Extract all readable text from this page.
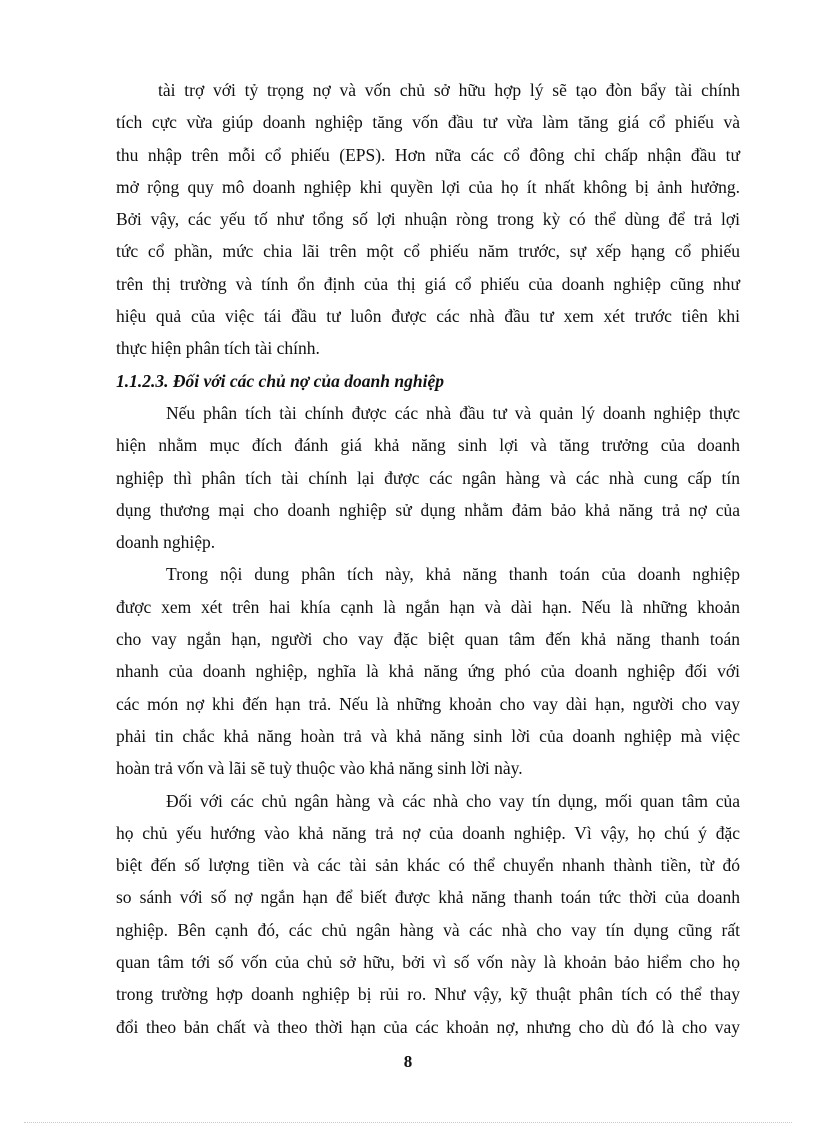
tài trợ với tỷ trọng nợ và vốn chủ sở hữu hợp lý sẽ tạo đòn bẩy tài chính
tích cực vừa giúp doanh nghiệp tăng vốn đầu tư vừa làm tăng giá cổ phiếu và
thu nhập trên mỗi cổ phiếu (EPS). Hơn nữa các cổ đông chỉ chấp nhận đầu tư
mở rộng quy mô doanh nghiệp khi quyền lợi của họ ít nhất không bị ảnh hưởng.
Bởi vậy, các yếu tố như tổng số lợi nhuận ròng trong kỳ có thể dùng để trả lợi
tức cổ phần, mức chia lãi trên một cổ phiếu năm trước, sự xếp hạng cổ phiếu
trên thị trường và tính ổn định của thị giá cổ phiếu của doanh nghiệp cũng như
hiệu quả của việc tái đầu tư luôn được các nhà đầu tư xem xét trước tiên khi
thực hiện phân tích tài chính.
1.1.2.3. Đối với các chủ nợ của doanh nghiệp
Nếu phân tích tài chính được các nhà đầu tư và quản lý doanh nghiệp thực
hiện nhằm mục đích đánh giá khả năng sinh lợi và tăng trưởng của doanh
nghiệp thì phân tích tài chính lại được các ngân hàng và các nhà cung cấp tín
dụng thương mại cho doanh nghiệp sử dụng nhằm đảm bảo khả năng trả nợ của
doanh nghiệp.
Trong nội dung phân tích này, khả năng thanh toán của doanh nghiệp
được xem xét trên hai khía cạnh là ngắn hạn và dài hạn. Nếu là những khoản
cho vay ngắn hạn, người cho vay đặc biệt quan tâm đến khả năng thanh toán
nhanh của doanh nghiệp, nghĩa là khả năng ứng phó của doanh nghiệp đối với
các món nợ khi đến hạn trả. Nếu là những khoản cho vay dài hạn, người cho vay
phải tin chắc khả năng hoàn trả và khả năng sinh lời của doanh nghiệp mà việc
hoàn trả vốn và lãi sẽ tuỳ thuộc vào khả năng sinh lời này.
Đối với các chủ ngân hàng và các nhà cho vay tín dụng, mối quan tâm của
họ chủ yếu hướng vào khả năng trả nợ của doanh nghiệp. Vì vậy, họ chú ý đặc
biệt đến số lượng tiền và các tài sản khác có thể chuyển nhanh thành tiền, từ đó
so sánh với số nợ ngắn hạn để biết được khả năng thanh toán tức thời của doanh
nghiệp. Bên cạnh đó, các chủ ngân hàng và các nhà cho vay tín dụng cũng rất
quan tâm tới số vốn của chủ sở hữu, bởi vì số vốn này là khoản bảo hiểm cho họ
trong trường hợp doanh nghiệp bị rủi ro. Như vậy, kỹ thuật phân tích có thể thay
đổi theo bản chất và theo thời hạn của các khoản nợ, nhưng cho dù đó là cho vay
8
